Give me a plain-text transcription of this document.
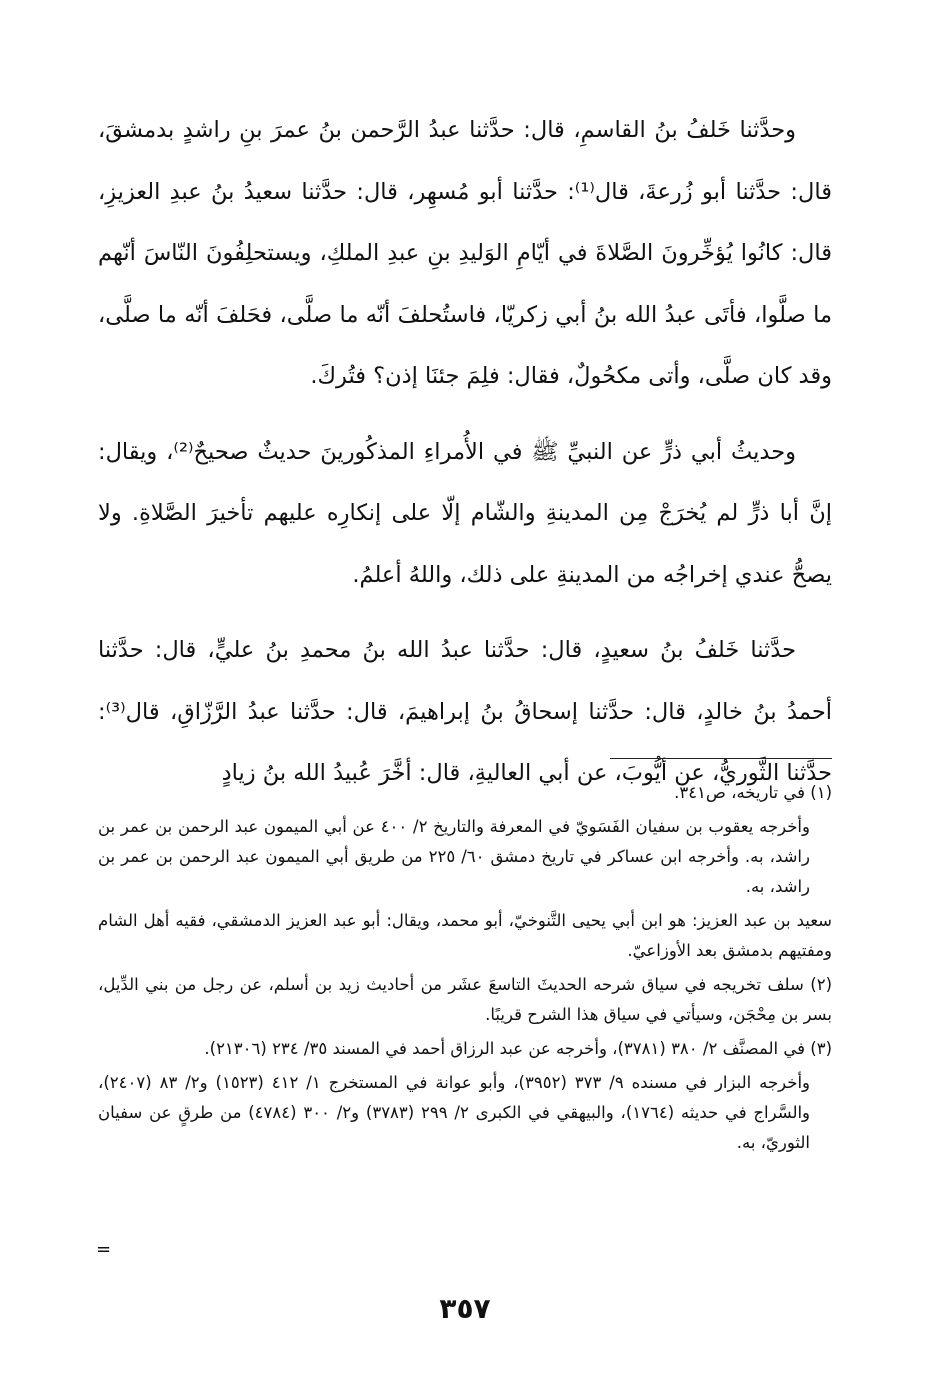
وحدَّثنا خَلفُ بنُ القاسمِ، قال: حدَّثنا عبدُ الرَّحمن بنُ عمرَ بنِ راشدٍ بدمشقَ، قال: حدَّثنا أبو زُرعةَ، قال⁽¹⁾: حدَّثنا أبو مُسهِر، قال: حدَّثنا سعيدُ بنُ عبدِ العزيزِ، قال: كانُوا يُؤخِّرونَ الصَّلاةَ في أيّامِ الوَليدِ بنِ عبدِ الملكِ، ويستحلِفُونَ النّاسَ أنّهم ما صلَّوا، فأتَى عبدُ الله بنُ أبي زكريّا، فاستُحلفَ أنّه ما صلَّى، فحَلفَ أنّه ما صلَّى، وقد كان صلَّى، وأتى مكحُولٌ، فقال: فلِمَ جئنَا إذن؟ فتُركَ.

وحديثُ أبي ذرٍّ عن النبيِّ ﷺ في الأُمراءِ المذكُورينَ حديثٌ صحيحٌ⁽²⁾، ويقال: إنَّ أبا ذرٍّ لم يُخرَجْ مِن المدينةِ والشّام إلّا على إنكارِه عليهم تأخيرَ الصَّلاةِ. ولا يصحُّ عندي إخراجُه من المدينةِ على ذلك، واللهُ أعلمُ.

حدَّثنا خَلفُ بنُ سعيدٍ، قال: حدَّثنا عبدُ الله بنُ محمدِ بنُ عليٍّ، قال: حدَّثنا أحمدُ بنُ خالدٍ، قال: حدَّثنا إسحاقُ بنُ إبراهيمَ، قال: حدَّثنا عبدُ الرَّزّاقِ، قال⁽³⁾: حدَّثنا الثَّوريُّ، عن أيُّوبَ، عن أبي العاليةِ، قال: أخَّرَ عُبيدُ الله بنُ زيادٍ

(١) في تاريخه، ص٣٤١.

وأخرجه يعقوب بن سفيان الفَسَويّ في المعرفة والتاريخ ٢/ ٤٠٠ عن أبي الميمون عبد الرحمن بن عمر بن راشد، به. وأخرجه ابن عساكر في تاريخ دمشق ٦٠/ ٢٢٥ من طريق أبي الميمون عبد الرحمن بن عمر بن راشد، به.

سعيد بن عبد العزيز: هو ابن أبي يحيى التَّنوخيّ، أبو محمد، ويقال: أبو عبد العزيز الدمشقي، فقيه أهل الشام ومفتيهم بدمشق بعد الأوزاعيّ.

(٢) سلف تخريجه في سياق شرحه الحديثَ التاسعَ عشَر من أحاديث زيد بن أسلم، عن رجل من بني الدِّيل، بسر بن مِحْجَن، وسيأتي في سياق هذا الشرح قريبًا.

(٣) في المصنَّف ٢/ ٣٨٠ (٣٧٨١)، وأخرجه عن عبد الرزاق أحمد في المسند ٣٥/ ٢٣٤ (٢١٣٠٦).

وأخرجه البزار في مسنده ٩/ ٣٧٣ (٣٩٥٢)، وأبو عوانة في المستخرج ١/ ٤١٢ (١٥٢٣) و٢/ ٨٣ (٢٤٠٧)، والسَّراج في حديثه (١٧٦٤)، والبيهقي في الكبرى ٢/ ٢٩٩ (٣٧٨٣) و٢/ ٣٠٠ (٤٧٨٤) من طرقٍ عن سفيان الثوريّ، به.

=
٣٥٧
